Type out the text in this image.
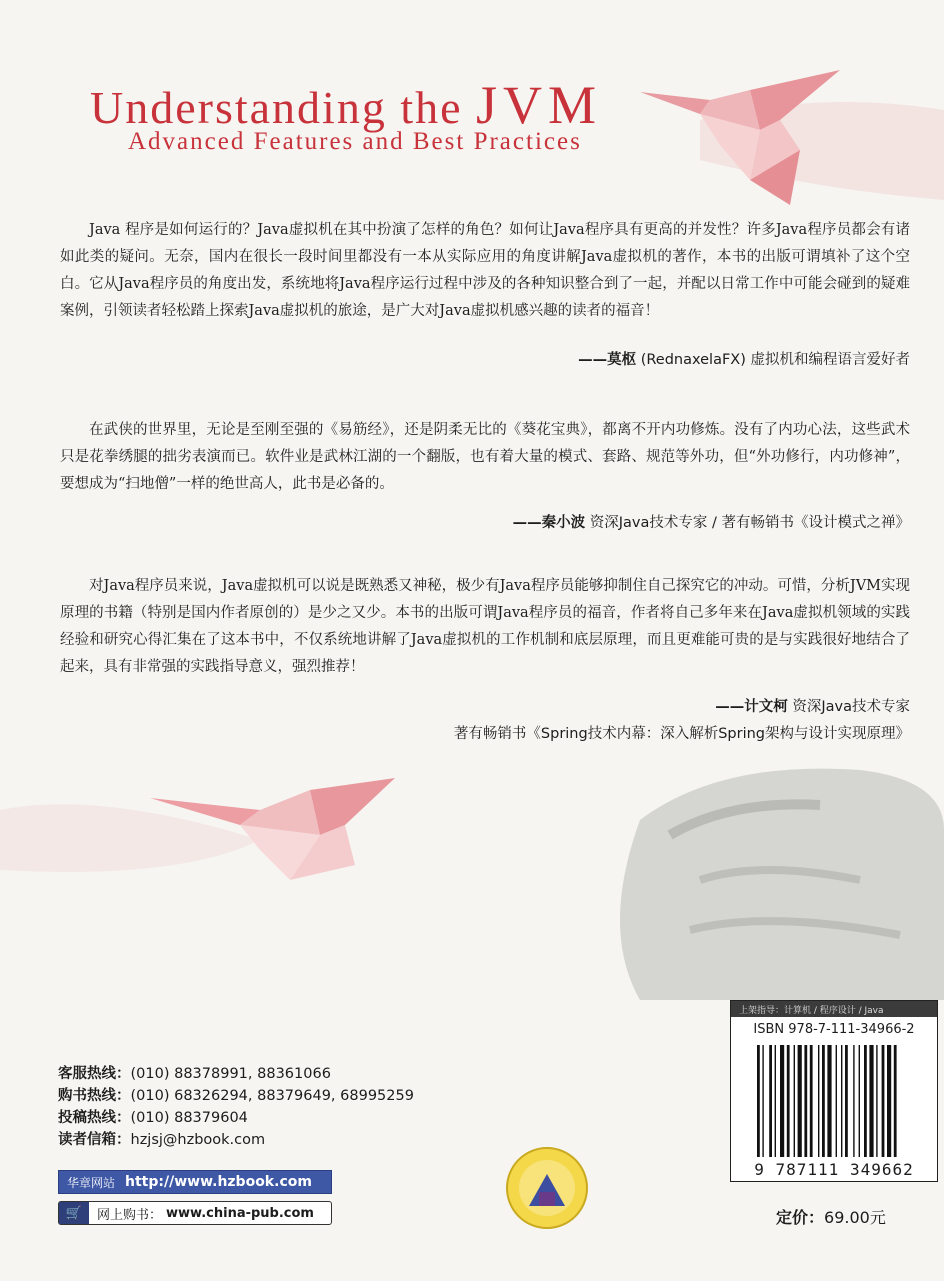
Understanding the JVM
Advanced Features and Best Practices

Java 程序是如何运行的？Java虚拟机在其中扮演了怎样的角色？如何让Java程序具有更高的并发性？许多Java程序员都会有诸如此类的疑问。无奈，国内在很长一段时间里都没有一本从实际应用的角度讲解Java虚拟机的著作，本书的出版可谓填补了这个空白。它从Java程序员的角度出发，系统地将Java程序运行过程中涉及的各种知识整合到了一起，并配以日常工作中可能会碰到的疑难案例，引领读者轻松踏上探索Java虚拟机的旅途，是广大对Java虚拟机感兴趣的读者的福音！

——莫枢 (RednaxelaFX) 虚拟机和编程语言爱好者

在武侠的世界里，无论是至刚至强的《易筋经》，还是阴柔无比的《葵花宝典》，都离不开内功修炼。没有了内功心法，这些武术只是花拳绣腿的拙劣表演而已。软件业是武林江湖的一个翻版，也有着大量的模式、套路、规范等外功，但“外功修行，内功修神”，要想成为“扫地僧”一样的绝世高人，此书是必备的。

——秦小波 资深Java技术专家 / 著有畅销书《设计模式之禅》

对Java程序员来说，Java虚拟机可以说是既熟悉又神秘，极少有Java程序员能够抑制住自己探究它的冲动。可惜，分析JVM实现原理的书籍（特别是国内作者原创的）是少之又少。本书的出版可谓Java程序员的福音，作者将自己多年来在Java虚拟机领域的实践经验和研究心得汇集在了这本书中，不仅系统地讲解了Java虚拟机的工作机制和底层原理，而且更难能可贵的是与实践很好地结合了起来，具有非常强的实践指导意义，强烈推荐！

——计文柯 资深Java技术专家
著有畅销书《Spring技术内幕：深入解析Spring架构与设计实现原理》
客服热线：(010) 88378991, 88361066
购书热线：(010) 68326294, 88379649, 68995259
投稿热线：(010) 88379604
读者信箱：hzjsj@hzbook.com
华章网站 http://www.hzbook.com
🛒	网上购书： www.china-pub.com
上架指导：计算机 / 程序设计 / Java
ISBN 978-7-111-34966-2
9 787111 349662
定价：69.00元
